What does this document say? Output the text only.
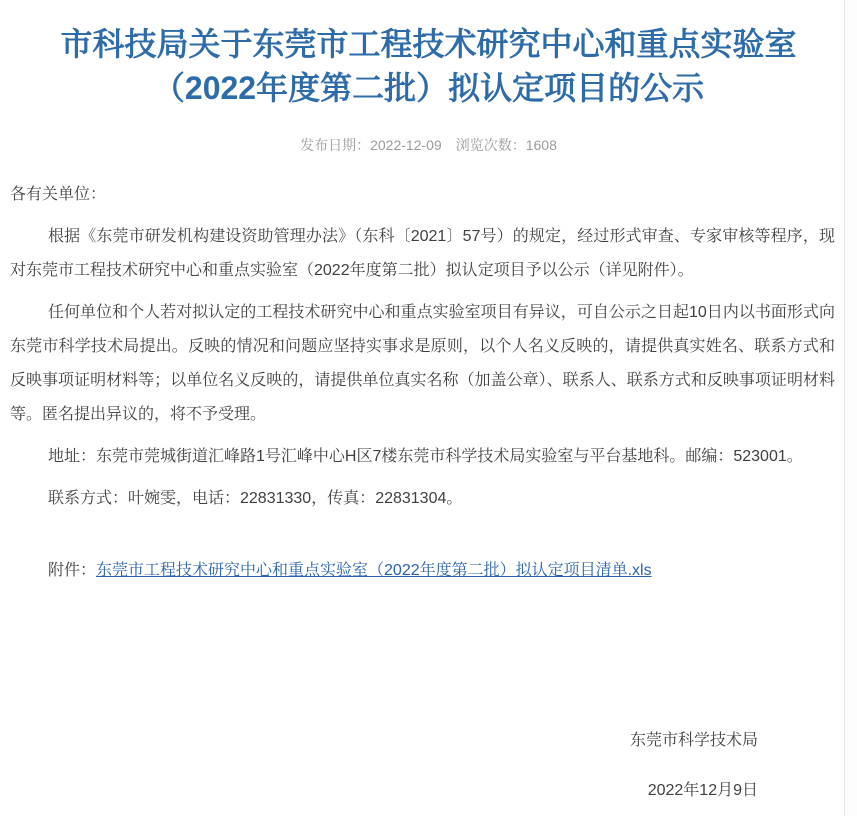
市科技局关于东莞市工程技术研究中心和重点实验室
（2022年度第二批）拟认定项目的公示
发布日期：2022-12-09 浏览次数：1608

各有关单位：

根据《东莞市研发机构建设资助管理办法》（东科〔2021〕57号）的规定，经过形式审查、专家审核等程序，现对东莞市工程技术研究中心和重点实验室（2022年度第二批）拟认定项目予以公示（详见附件）。

任何单位和个人若对拟认定的工程技术研究中心和重点实验室项目有异议，可自公示之日起10日内以书面形式向东莞市科学技术局提出。反映的情况和问题应坚持实事求是原则，以个人名义反映的，请提供真实姓名、联系方式和反映事项证明材料等；以单位名义反映的，请提供单位真实名称（加盖公章）、联系人、联系方式和反映事项证明材料等。匿名提出异议的，将不予受理。

地址：东莞市莞城街道汇峰路1号汇峰中心H区7楼东莞市科学技术局实验室与平台基地科。邮编：523001。

联系方式：叶婉雯，电话：22831330，传真：22831304。

附件：东莞市工程技术研究中心和重点实验室（2022年度第二批）拟认定项目清单.xls

东莞市科学技术局

2022年12月9日
